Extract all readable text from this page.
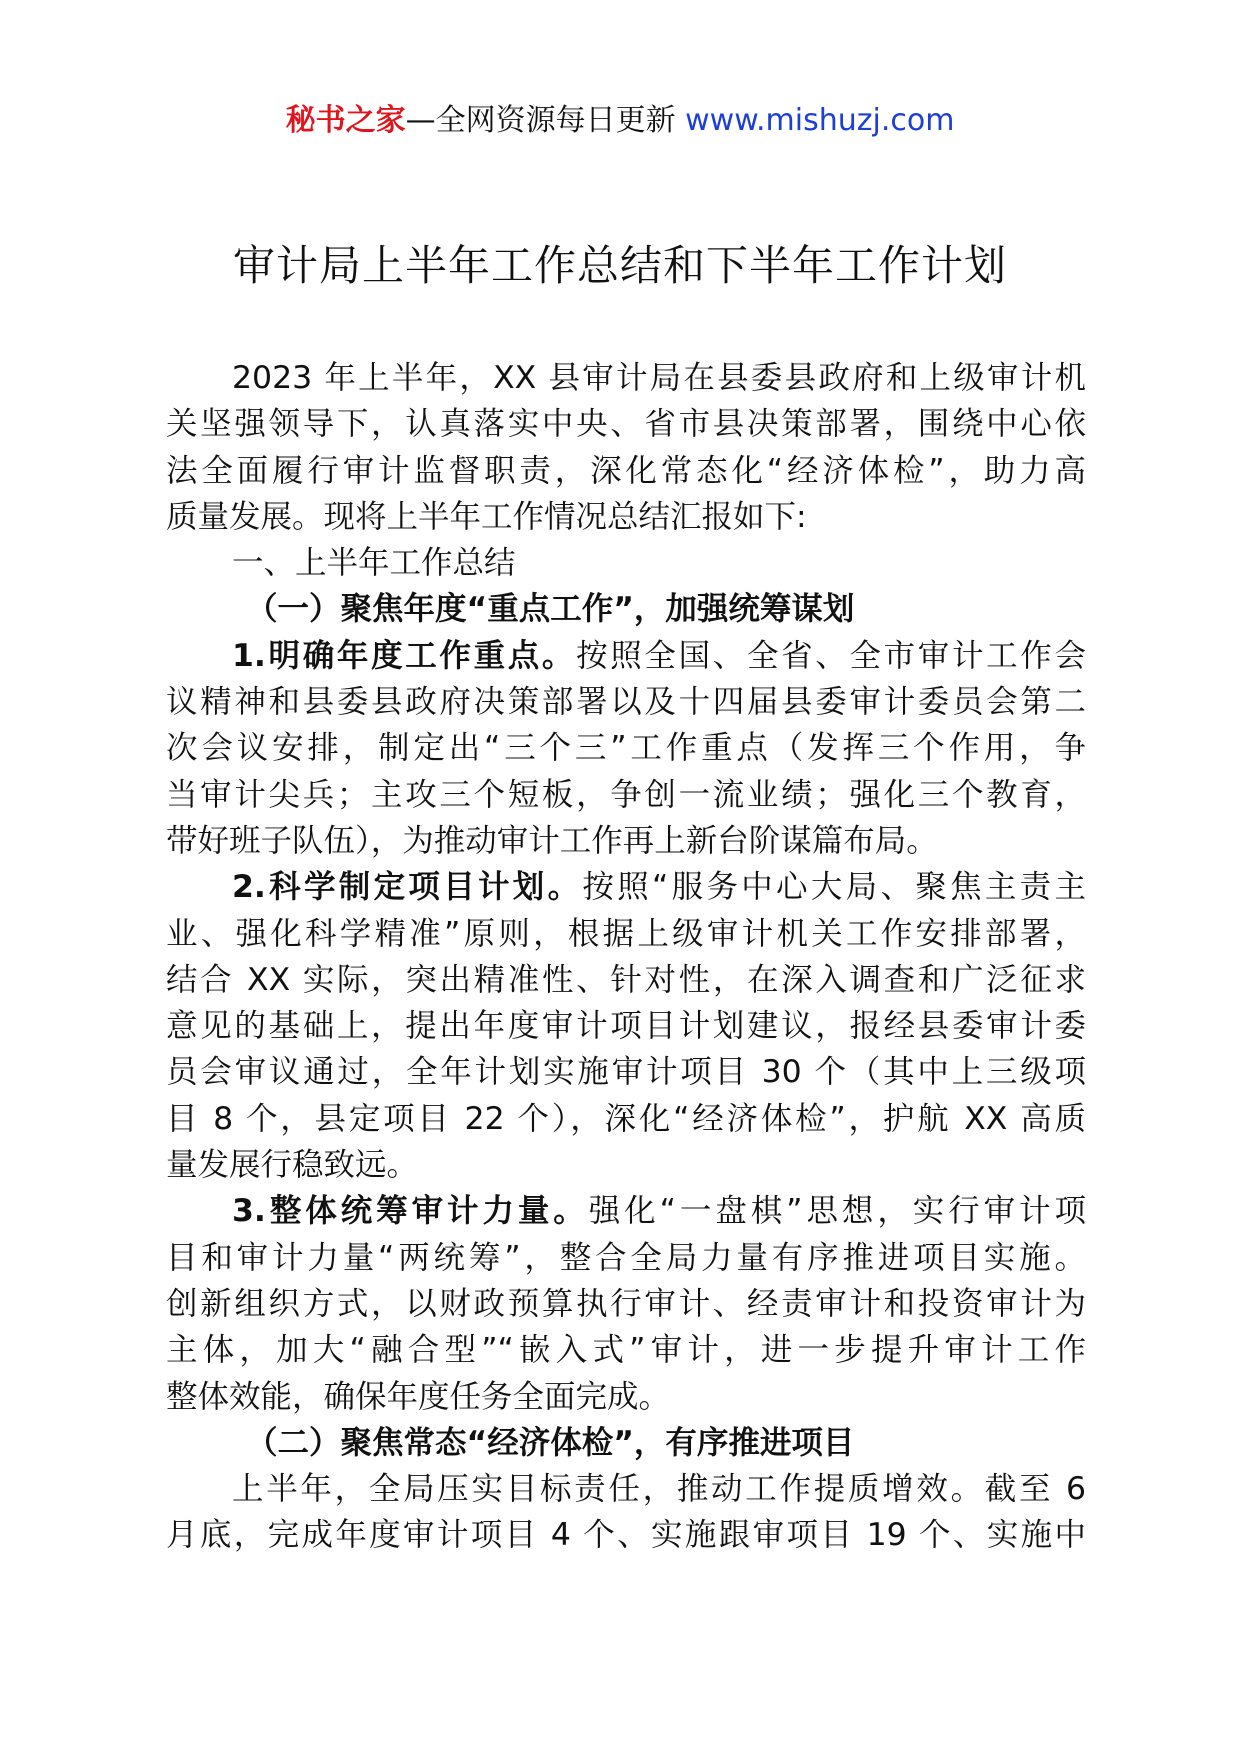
秘书之家—全网资源每日更新 www.mishuzj.com
审计局上半年工作总结和下半年工作计划
2023 年上半年，XX 县审计局在县委县政府和上级审计机
关坚强领导下，认真落实中央、省市县决策部署，围绕中心依
法全面履行审计监督职责，深化常态化“经济体检”，助力高
质量发展。现将上半年工作情况总结汇报如下:
一、上半年工作总结
（一）聚焦年度“重点工作”，加强统筹谋划
1.明确年度工作重点。按照全国、全省、全市审计工作会
议精神和县委县政府决策部署以及十四届县委审计委员会第二
次会议安排，制定出“三个三”工作重点（发挥三个作用，争
当审计尖兵；主攻三个短板，争创一流业绩；强化三个教育，
带好班子队伍），为推动审计工作再上新台阶谋篇布局。
2.科学制定项目计划。按照“服务中心大局、聚焦主责主
业、强化科学精准”原则，根据上级审计机关工作安排部署，
结合 XX 实际，突出精准性、针对性，在深入调查和广泛征求
意见的基础上，提出年度审计项目计划建议，报经县委审计委
员会审议通过，全年计划实施审计项目 30 个（其中上三级项
目 8 个，县定项目 22 个），深化“经济体检”，护航 XX 高质
量发展行稳致远。
3.整体统筹审计力量。强化“一盘棋”思想，实行审计项
目和审计力量“两统筹”，整合全局力量有序推进项目实施。
创新组织方式，以财政预算执行审计、经责审计和投资审计为
主体，加大“融合型”“嵌入式”审计，进一步提升审计工作
整体效能，确保年度任务全面完成。
（二）聚焦常态“经济体检”，有序推进项目
上半年，全局压实目标责任，推动工作提质增效。截至 6
月底，完成年度审计项目 4 个、实施跟审项目 19 个、实施中
